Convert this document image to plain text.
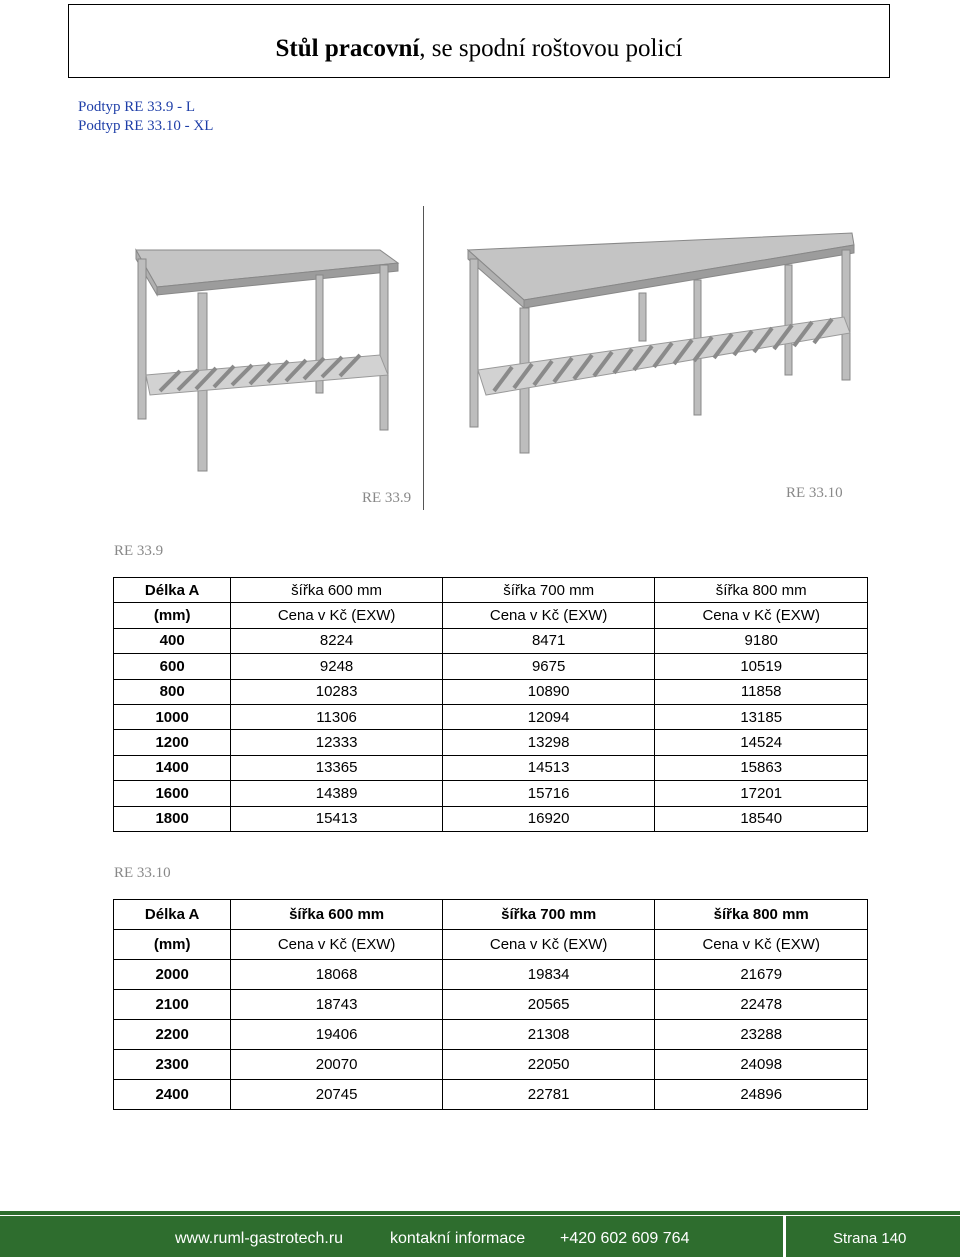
Stůl pracovní, se spodní roštovou policí
Podtyp RE 33.9 - L
Podtyp RE 33.10 - XL
RE 33.9	RE 33.10
RE 33.9
Délka A	šířka 600 mm	šířka 700 mm	šířka 800 mm
(mm)	Cena v Kč (EXW)	Cena v Kč (EXW)	Cena v Kč (EXW)
400	8224	8471	9180
600	9248	9675	10519
800	10283	10890	11858
1000	11306	12094	13185
1200	12333	13298	14524
1400	13365	14513	15863
1600	14389	15716	17201
1800	15413	16920	18540
RE 33.10
Délka A	šířka 600 mm	šířka 700 mm	šířka 800 mm
(mm)	Cena v Kč (EXW)	Cena v Kč (EXW)	Cena v Kč (EXW)
2000	18068	19834	21679
2100	18743	20565	22478
2200	19406	21308	23288
2300	20070	22050	24098
2400	20745	22781	24896
www.ruml-gastrotech.ru	kontakní informace +420 602 609 764	Strana 140
